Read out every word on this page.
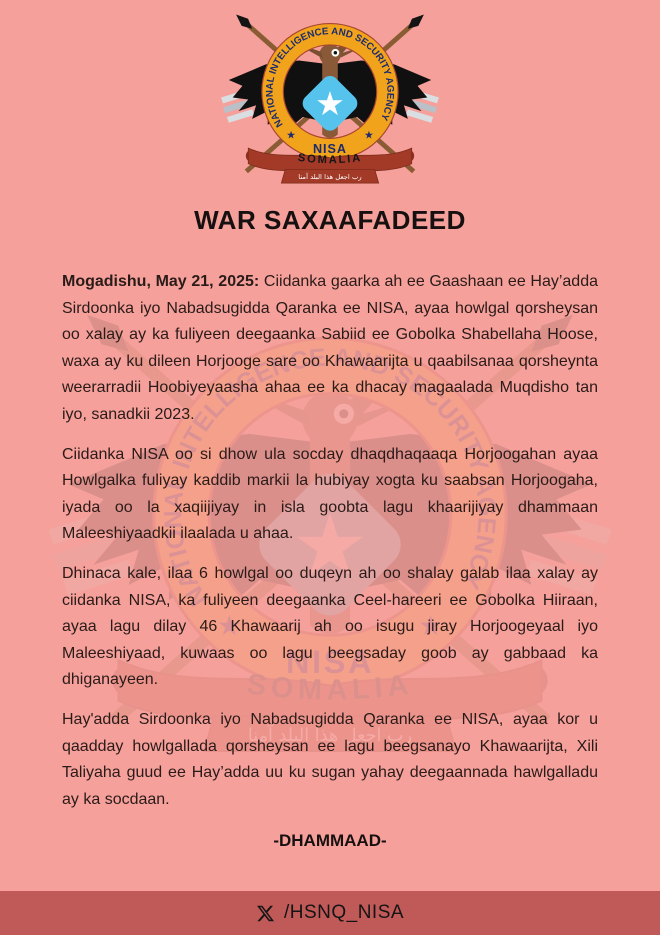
★
NATIONAL INTELLIGENCE AND SECURITY AGENCY
★	★
NISA
SOMALIA
رب اجعل هذا البلد آمنا
WAR SAXAAFADEED

Mogadishu, May 21, 2025: Ciidanka gaarka ah ee Gaashaan ee Hay’adda Sirdoonka iyo Nabadsugidda Qaranka ee NISA, ayaa howlgal qorsheysan oo xalay ay ka fuliyeen deegaanka Sabiid ee Gobolka Shabellaha Hoose, waxa ay ku dileen Horjooge sare oo Khawaarijta u qaabilsanaa qorsheynta weerarradii Hoobiyeyaasha ahaa ee ka dhacay magaalada Muqdisho tan iyo, sanadkii 2023.

Ciidanka NISA oo si dhow ula socday dhaqdhaqaaqa Horjoogahan ayaa Howlgalka fuliyay kaddib markii la hubiyay xogta ku saabsan Horjoogaha, iyada oo la xaqiijiyay in isla goobta lagu khaarijiyay dhammaan Maleeshiyaadkii ilaalada u ahaa.

Dhinaca kale, ilaa 6 howlgal oo duqeyn ah oo shalay galab ilaa xalay ay ciidanka NISA, ka fuliyeen deegaanka Ceel-hareeri ee Gobolka Hiiraan, ayaa lagu dilay 46 Khawaarij ah oo isugu jiray Horjoogeyaal iyo Maleeshiyaad, kuwaas oo lagu beegsaday goob ay gabbaad ka dhiganayeen.

Hay'adda Sirdoonka iyo Nabadsugidda Qaranka ee NISA, ayaa kor u qaadday howlgallada qorsheysan ee lagu beegsanayo Khawaarijta, Xili Taliyaha guud ee Hay’adda uu ku sugan yahay deegaannada hawlgalladu ay ka socdaan.

-DHAMMAAD-
/HSNQ_NISA
